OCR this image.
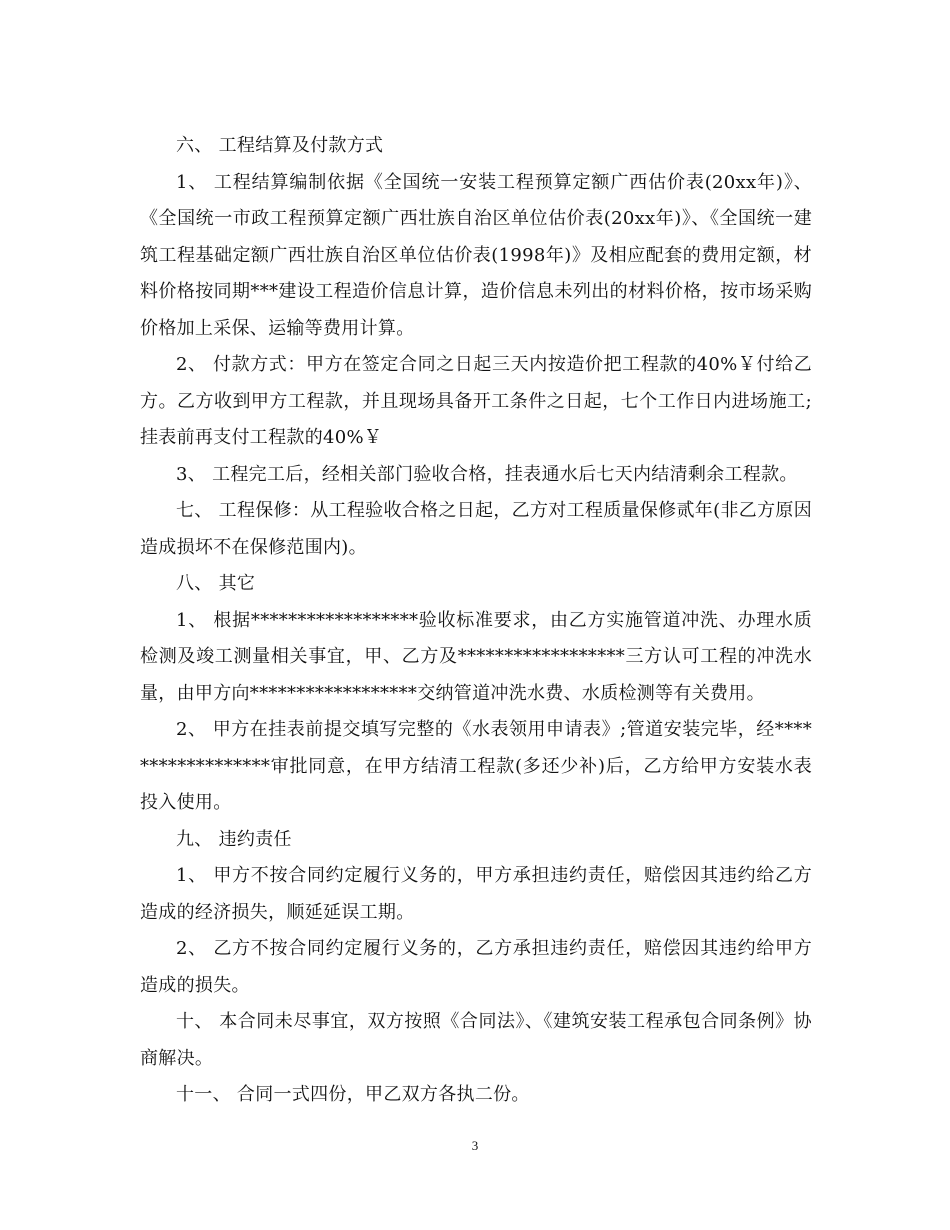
六、 工程结算及付款方式

1、 工程结算编制依据《全国统一安装工程预算定额广西估价表(20xx年)》、《全国统一市政工程预算定额广西壮族自治区单位估价表(20xx年)》、《全国统一建筑工程基础定额广西壮族自治区单位估价表(1998年)》及相应配套的费用定额，材料价格按同期***建设工程造价信息计算，造价信息未列出的材料价格，按市场采购价格加上采保、运输等费用计算。

2、 付款方式：甲方在签定合同之日起三天内按造价把工程款的40%￥付给乙方。乙方收到甲方工程款，并且现场具备开工条件之日起，七个工作日内进场施工;挂表前再支付工程款的40%￥

3、 工程完工后，经相关部门验收合格，挂表通水后七天内结清剩余工程款。

七、 工程保修：从工程验收合格之日起，乙方对工程质量保修贰年(非乙方原因造成损坏不在保修范围内)。

八、 其它

1、 根据******************验收标准要求，由乙方实施管道冲洗、办理水质检测及竣工测量相关事宜，甲、乙方及******************三方认可工程的冲洗水量，由甲方向******************交纳管道冲洗水费、水质检测等有关费用。

2、 甲方在挂表前提交填写完整的《水表领用申请表》;管道安装完毕，经******************审批同意，在甲方结清工程款(多还少补)后，乙方给甲方安装水表投入使用。

九、 违约责任

1、 甲方不按合同约定履行义务的，甲方承担违约责任，赔偿因其违约给乙方造成的经济损失，顺延延误工期。

2、 乙方不按合同约定履行义务的，乙方承担违约责任，赔偿因其违约给甲方造成的损失。

十、 本合同未尽事宜，双方按照《合同法》、《建筑安装工程承包合同条例》协商解决。

十一、 合同一式四份，甲乙双方各执二份。

3
